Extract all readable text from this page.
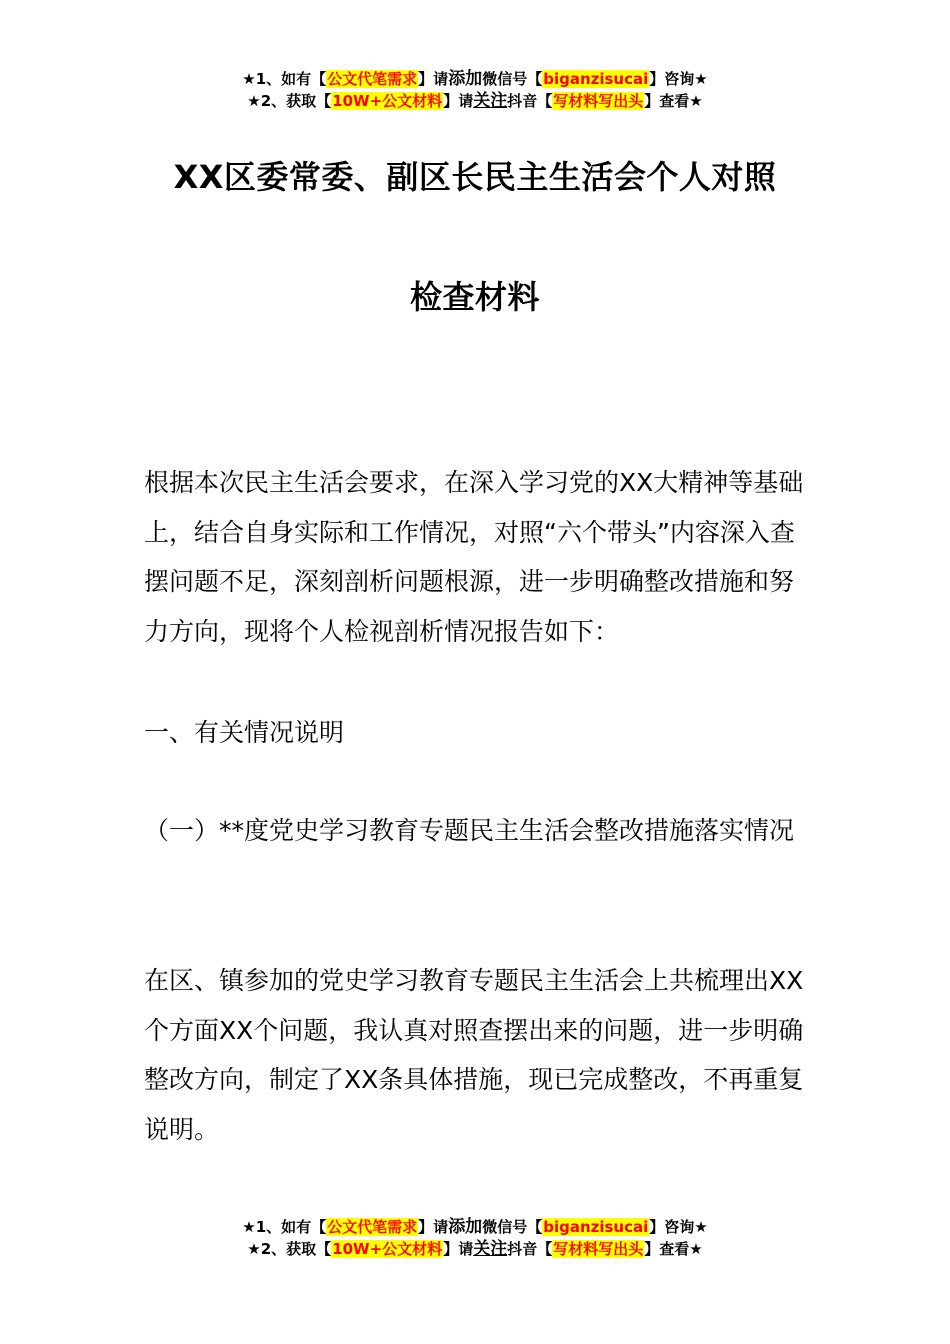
★1、如有【公文代笔需求】请添加微信号【biganzisucai】咨询★
★2、获取【10W+公文材料】请关注抖音【写材料写出头】查看★
XX区委常委、副区长民主生活会个人对照
检查材料

根据本次民主生活会要求，在深入学习党的XX大精神等基础上，结合自身实际和工作情况，对照“六个带头”内容深入查摆问题不足，深刻剖析问题根源，进一步明确整改措施和努力方向，现将个人检视剖析情况报告如下：

一、有关情况说明

（一）**度党史学习教育专题民主生活会整改措施落实情况

在区、镇参加的党史学习教育专题民主生活会上共梳理出XX个方面XX个问题，我认真对照查摆出来的问题，进一步明确整改方向，制定了XX条具体措施，现已完成整改，不再重复说明。

★1、如有【公文代笔需求】请添加微信号【biganzisucai】咨询★
★2、获取【10W+公文材料】请关注抖音【写材料写出头】查看★
